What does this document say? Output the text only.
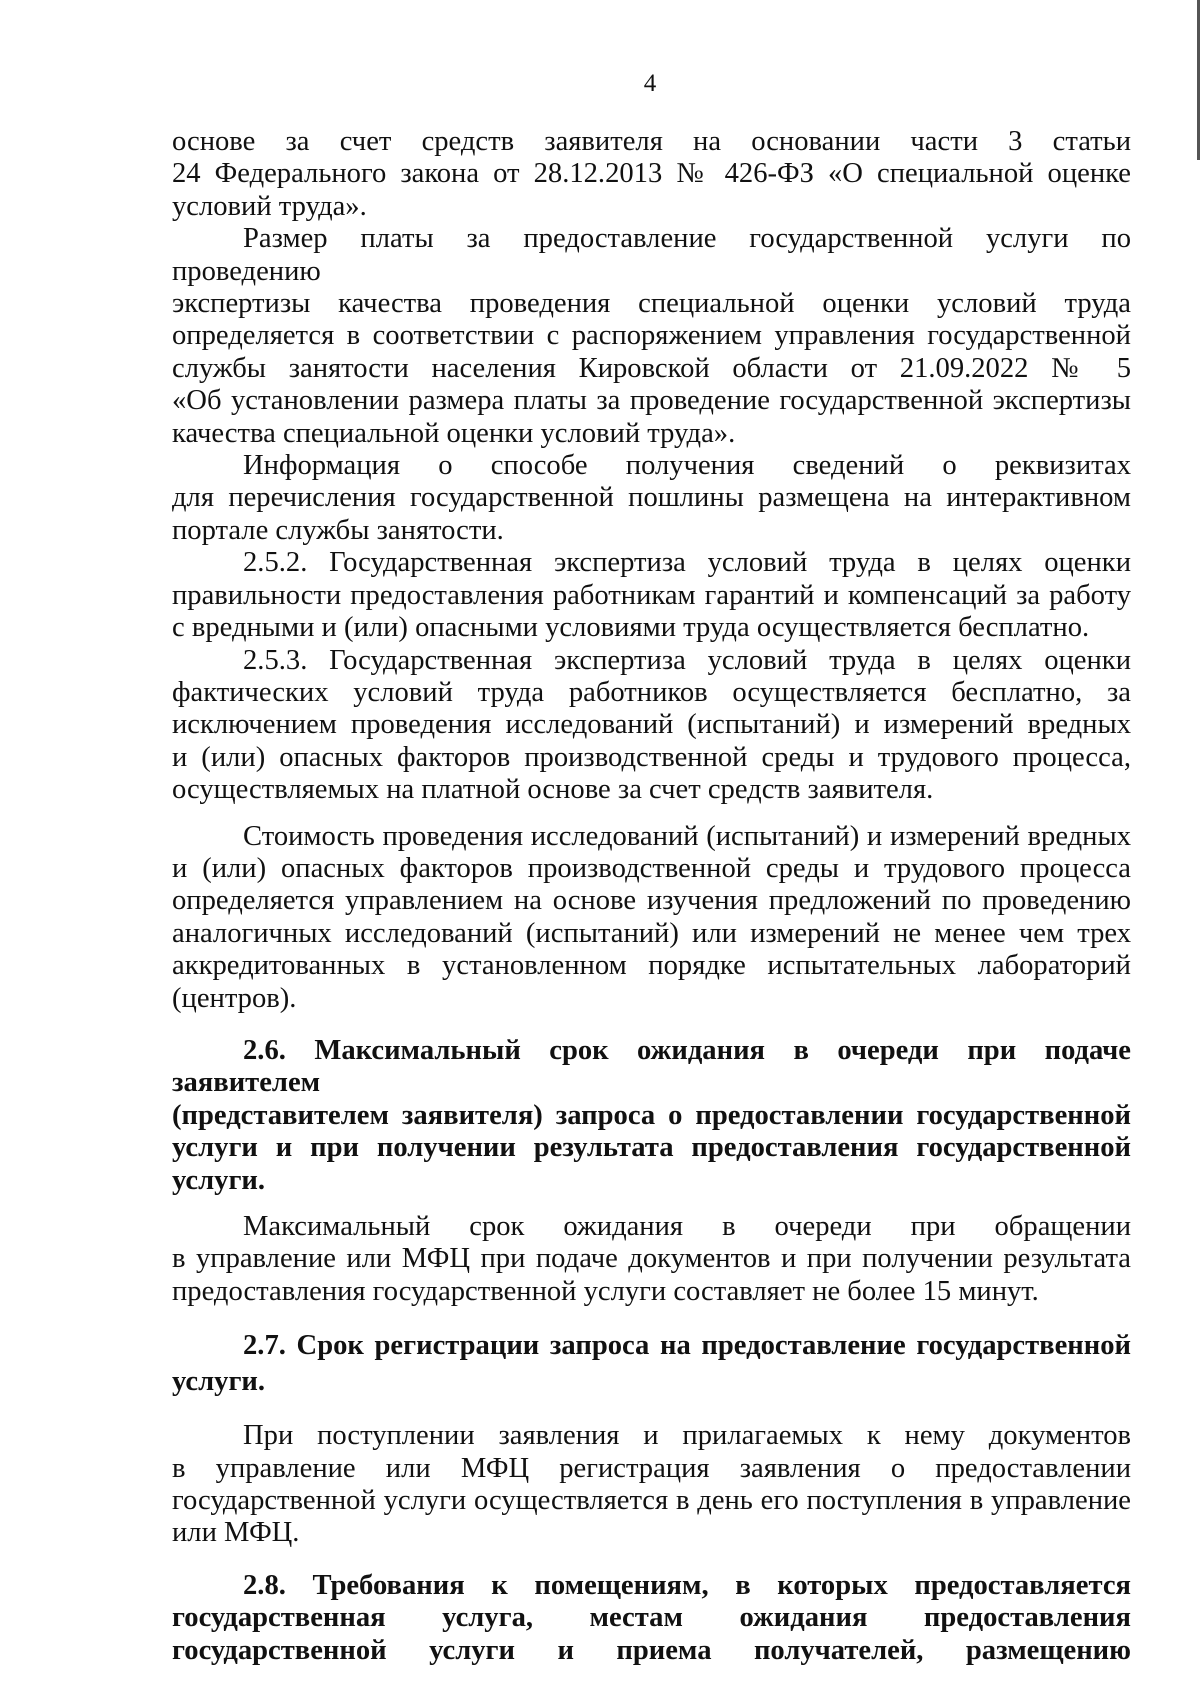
4
основе за счет средств заявителя на основании части 3 статьи
24 Федерального закона от 28.12.2013 № 426-ФЗ «О специальной оценке
условий труда».
Размер платы за предоставление государственной услуги по проведению
экспертизы качества проведения специальной оценки условий труда
определяется в соответствии с распоряжением управления государственной
службы занятости населения Кировской области от 21.09.2022 № 5
«Об установлении размера платы за проведение государственной экспертизы
качества специальной оценки условий труда».
Информация о способе получения сведений о реквизитах
для перечисления государственной пошлины размещена на интерактивном
портале службы занятости.
2.5.2. Государственная экспертиза условий труда в целях оценки
правильности предоставления работникам гарантий и компенсаций за работу
с вредными и (или) опасными условиями труда осуществляется бесплатно.
2.5.3. Государственная экспертиза условий труда в целях оценки
фактических условий труда работников осуществляется бесплатно, за
исключением проведения исследований (испытаний) и измерений вредных
и (или) опасных факторов производственной среды и трудового процесса,
осуществляемых на платной основе за счет средств заявителя.
Стоимость проведения исследований (испытаний) и измерений вредных
и (или) опасных факторов производственной среды и трудового процесса
определяется управлением на основе изучения предложений по проведению
аналогичных исследований (испытаний) или измерений не менее чем трех
аккредитованных в установленном порядке испытательных лабораторий
(центров).
2.6. Максимальный срок ожидания в очереди при подаче заявителем
(представителем заявителя) запроса о предоставлении государственной
услуги и при получении результата предоставления государственной
услуги.
Максимальный срок ожидания в очереди при обращении
в управление или МФЦ при подаче документов и при получении результата
предоставления государственной услуги составляет не более 15 минут.
2.7. Срок регистрации запроса на предоставление государственной
услуги.
При поступлении заявления и прилагаемых к нему документов
в управление или МФЦ регистрация заявления о предоставлении
государственной услуги осуществляется в день его поступления в управление
или МФЦ.
2.8. Требования к помещениям, в которых предоставляется
государственная услуга, местам ожидания предоставления
государственной услуги и приема получателей, размещению
